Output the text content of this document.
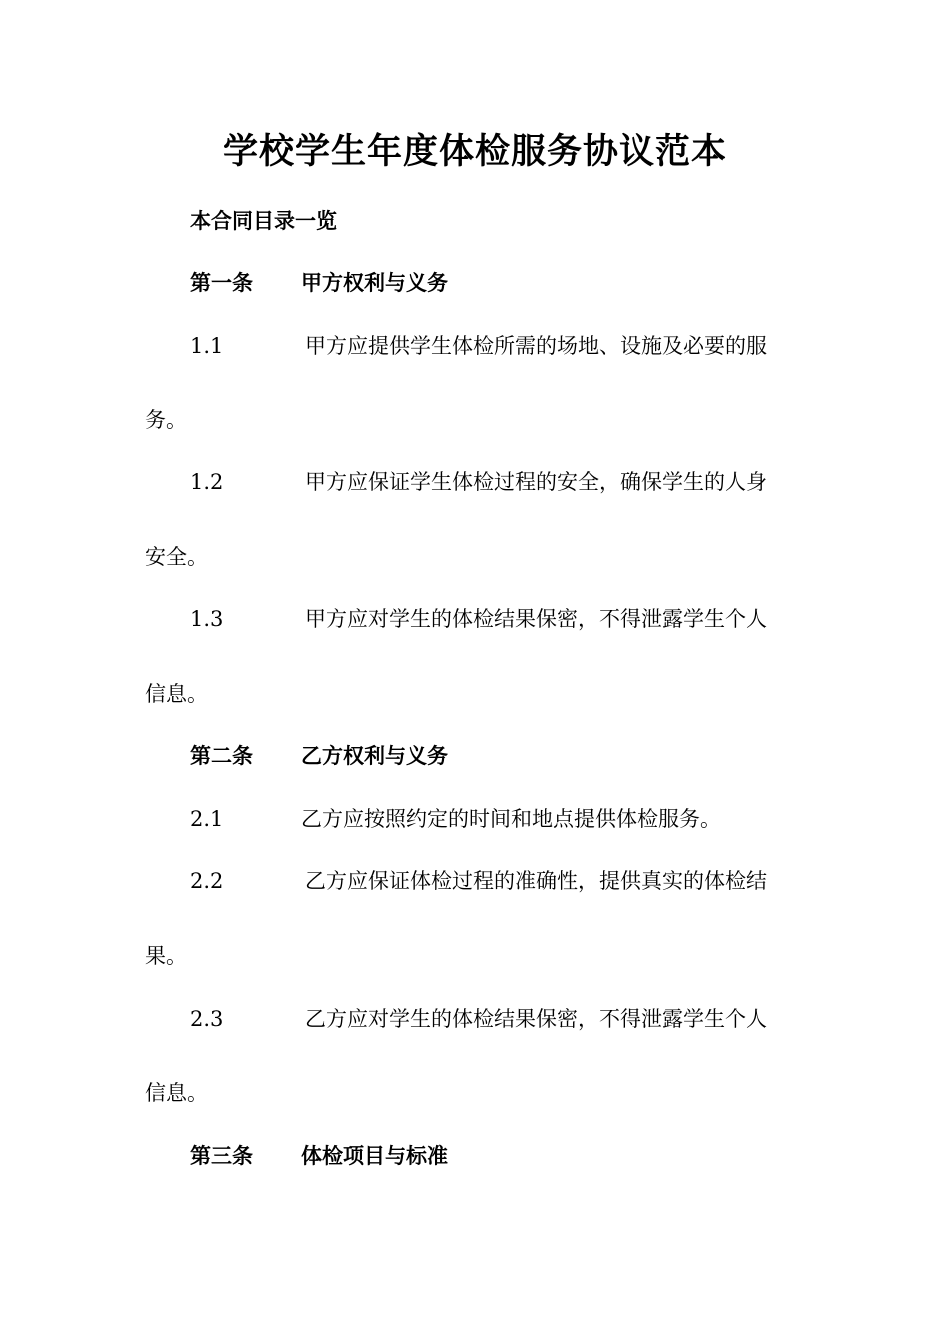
学校学生年度体检服务协议范本
本合同目录一览
第一条 甲方权利与义务
1.1	甲方应提供学生体检所需的场地、设施及必要的服
务。
1.2	甲方应保证学生体检过程的安全，确保学生的人身
安全。
1.3	甲方应对学生的体检结果保密，不得泄露学生个人
信息。
第二条 乙方权利与义务
2.1	乙方应按照约定的时间和地点提供体检服务。
2.2	乙方应保证体检过程的准确性，提供真实的体检结
果。
2.3	乙方应对学生的体检结果保密，不得泄露学生个人
信息。
第三条 体检项目与标准
